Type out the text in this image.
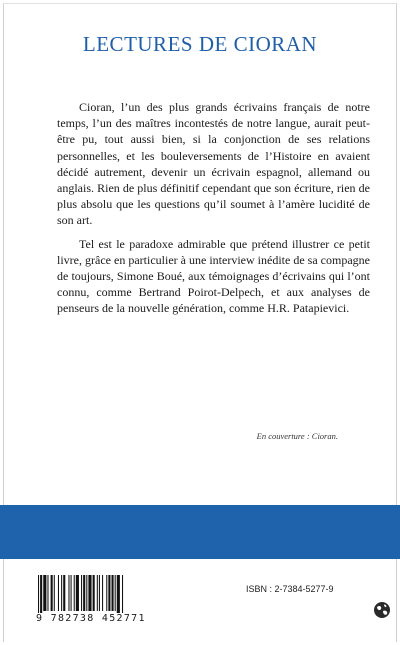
LECTURES DE CIORAN

Cioran, l’un des plus grands écrivains français de notre temps, l’un des maîtres incontestés de notre langue, aurait peut-être pu, tout aussi bien, si la conjonction de ses relations personnelles, et les bouleversements de l’Histoire en avaient décidé autrement, devenir un écrivain espagnol, allemand ou anglais. Rien de plus définitif cependant que son écriture, rien de plus absolu que les questions qu’il soumet à l’amère lucidité de son art.

Tel est le paradoxe admirable que prétend illustrer ce petit livre, grâce en particulier à une interview inédite de sa compagne de toujours, Simone Boué, aux témoignages d’écrivains qui l’ont connu, comme Bertrand Poirot-Delpech, et aux analyses de penseurs de la nouvelle génération, comme H.R. Patapievici.

En couverture : Cioran.
9 782738 452771
ISBN : 2-7384-5277-9
